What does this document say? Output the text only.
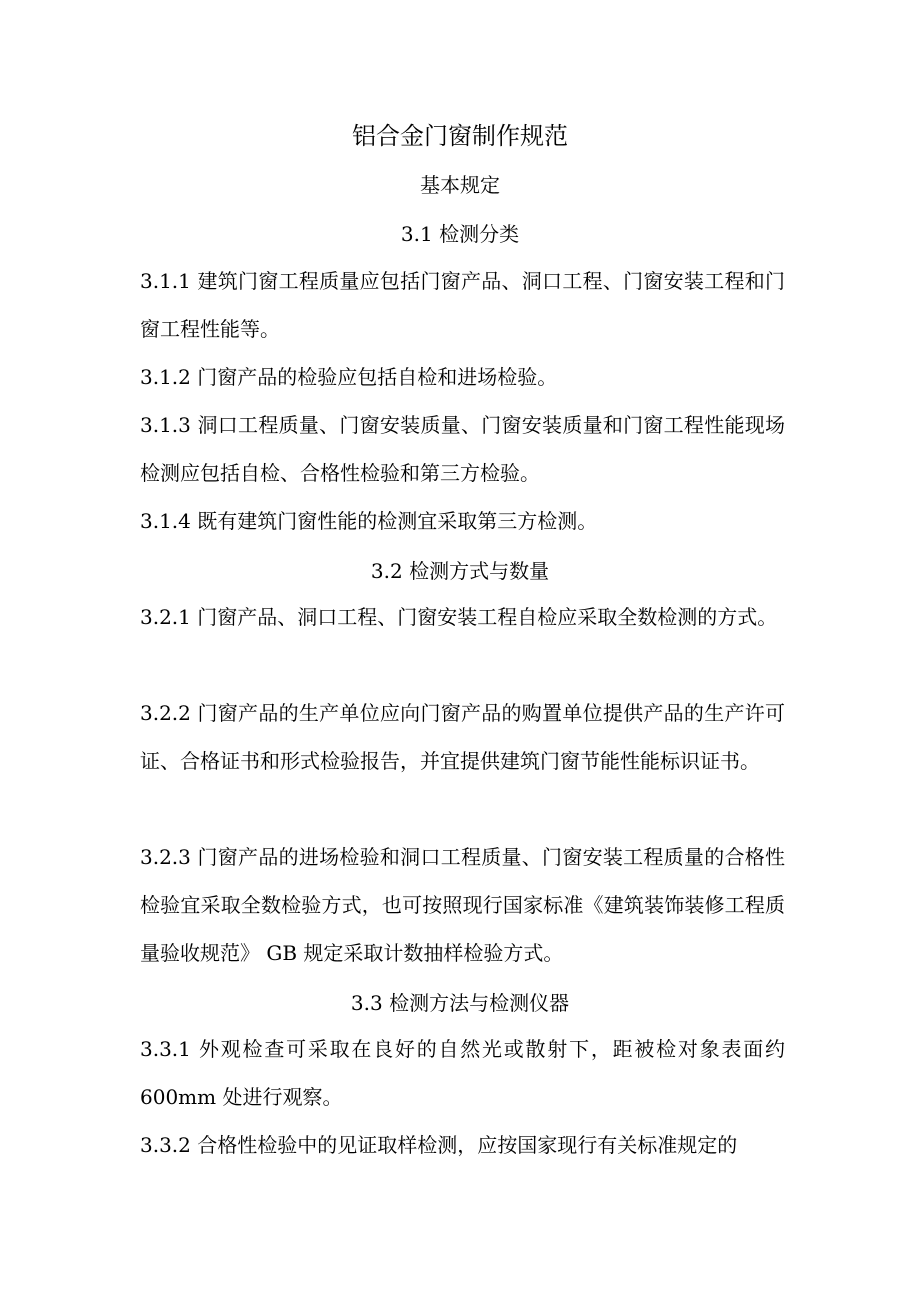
铝合金门窗制作规范
基本规定
3.1 检测分类
3.1.1 建筑门窗工程质量应包括门窗产品、洞口工程、门窗安装工程和门窗工程性能等。
3.1.2 门窗产品的检验应包括自检和进场检验。
3.1.3 洞口工程质量、门窗安装质量、门窗安装质量和门窗工程性能现场检测应包括自检、合格性检验和第三方检验。
3.1.4 既有建筑门窗性能的检测宜采取第三方检测。
3.2 检测方式与数量
3.2.1 门窗产品、洞口工程、门窗安装工程自检应采取全数检测的方式。
3.2.2 门窗产品的生产单位应向门窗产品的购置单位提供产品的生产许可证、合格证书和形式检验报告，并宜提供建筑门窗节能性能标识证书。
3.2.3 门窗产品的进场检验和洞口工程质量、门窗安装工程质量的合格性检验宜采取全数检验方式，也可按照现行国家标准《建筑装饰装修工程质量验收规范》 GB 规定采取计数抽样检验方式。
3.3 检测方法与检测仪器
3.3.1 外观检查可采取在良好的自然光或散射下，距被检对象表面约600mm 处进行观察。
3.3.2 合格性检验中的见证取样检测，应按国家现行有关标准规定的
